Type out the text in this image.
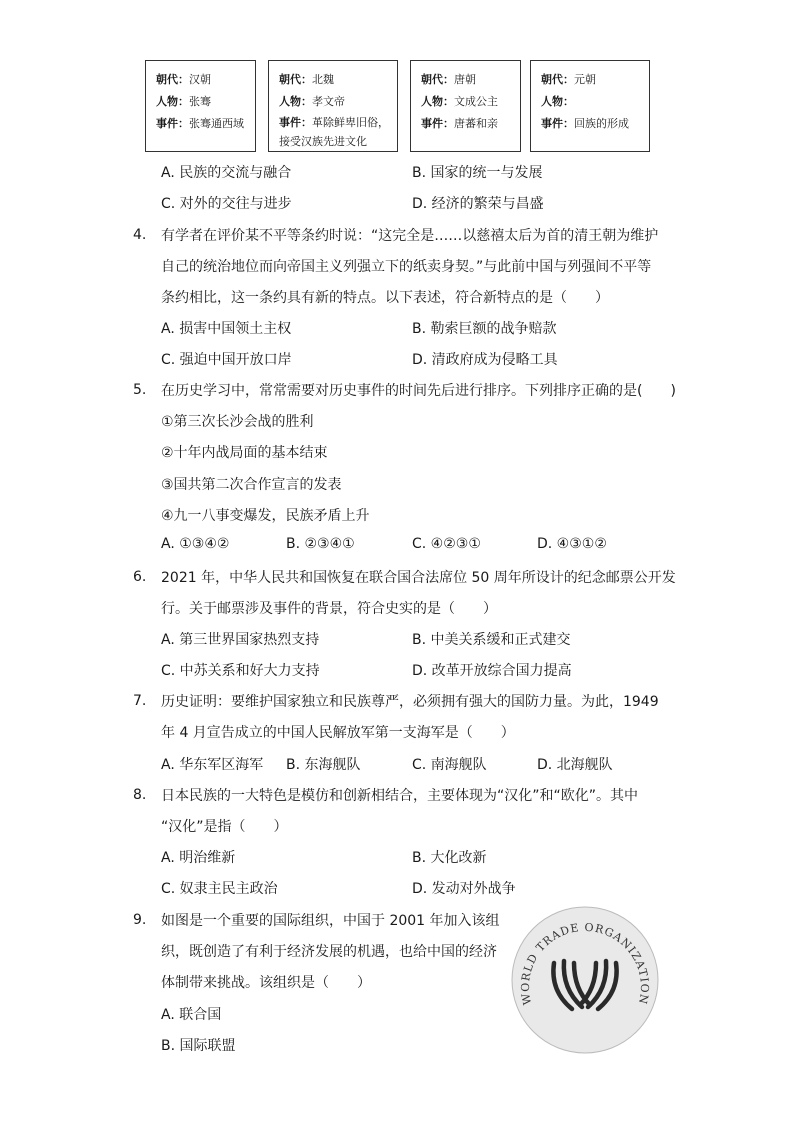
朝代：汉朝
人物：张骞
事件：张骞通西域
朝代：北魏
人物：孝文帝
事件：革除鲜卑旧俗，接受汉族先进文化
朝代：唐朝
人物：文成公主
事件：唐蕃和亲
朝代：元朝
人物：
事件：回族的形成
A. 民族的交流与融合	B. 国家的统一与发展
C. 对外的交往与进步	D. 经济的繁荣与昌盛
4. 有学者在评价某不平等条约时说：“这完全是……以慈禧太后为首的清王朝为维护
自己的统治地位而向帝国主义列强立下的纸卖身契。”与此前中国与列强间不平等
条约相比，这一条约具有新的特点。以下表述，符合新特点的是（　　）
A. 损害中国领土主权	B. 勒索巨额的战争赔款
C. 强迫中国开放口岸	D. 清政府成为侵略工具
5. 在历史学习中，常常需要对历史事件的时间先后进行排序。下列排序正确的是(　　)
①第三次长沙会战的胜利
②十年内战局面的基本结束
③国共第二次合作宣言的发表
④九一八事变爆发，民族矛盾上升
A. ①③④②	B. ②③④①	C. ④②③①	D. ④③①②
6. 2021 年，中华人民共和国恢复在联合国合法席位 50 周年所设计的纪念邮票公开发
行。关于邮票涉及事件的背景，符合史实的是（　　）
A. 第三世界国家热烈支持	B. 中美关系缓和正式建交
C. 中苏关系和好大力支持	D. 改革开放综合国力提高
7. 历史证明：要维护国家独立和民族尊严，必须拥有强大的国防力量。为此，1949
年 4 月宣告成立的中国人民解放军第一支海军是（　　）
A. 华东军区海军 B. 东海舰队	C. 南海舰队	D. 北海舰队
8. 日本民族的一大特色是模仿和创新相结合，主要体现为“汉化”和“欧化”。其中
“汉化”是指（　　）
A. 明治维新	B. 大化改新
C. 奴隶主民主政治	D. 发动对外战争
9. 如图是一个重要的国际组织，中国于 2001 年加入该组
织，既创造了有利于经济发展的机遇，也给中国的经济
体制带来挑战。该组织是（　　）
A. 联合国
B. 国际联盟
WORLD TRADE ORGANIZATION
